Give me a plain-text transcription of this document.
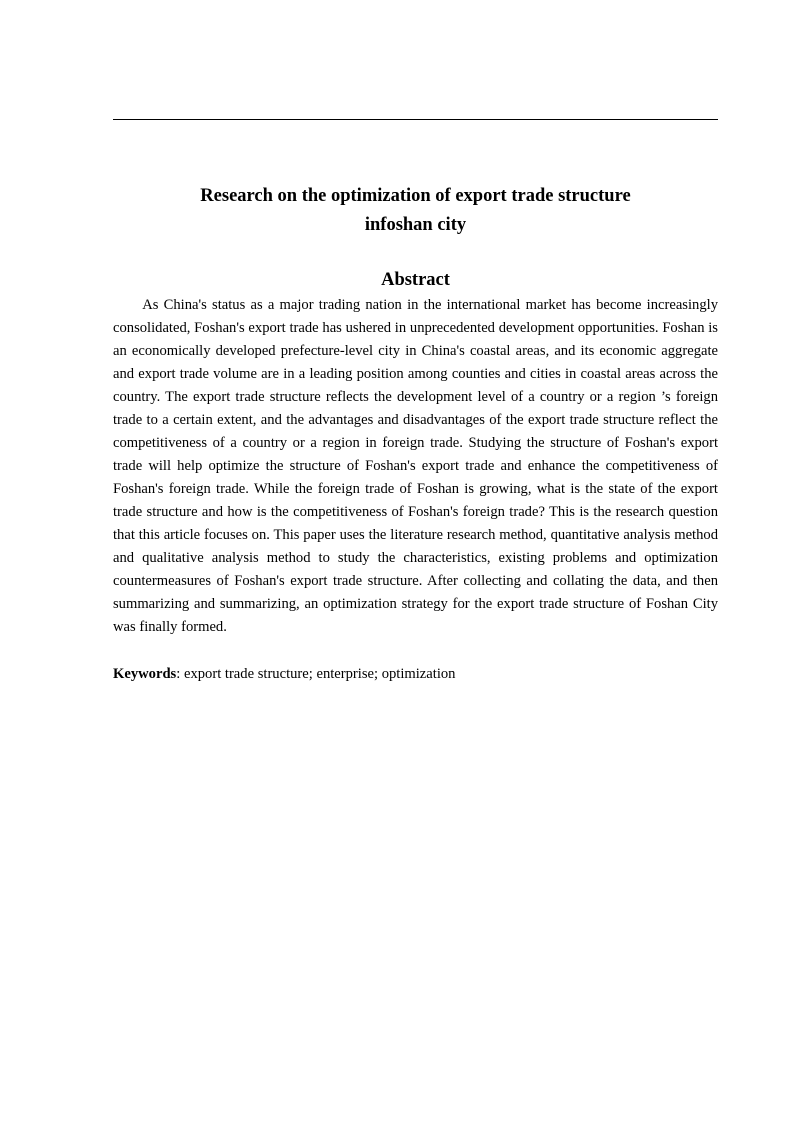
Research on the optimization of export trade structure
infoshan city
Abstract

As China's status as a major trading nation in the international market has become increasingly consolidated, Foshan's export trade has ushered in unprecedented development opportunities. Foshan is an economically developed prefecture-level city in China's coastal areas, and its economic aggregate and export trade volume are in a leading position among counties and cities in coastal areas across the country. The export trade structure reflects the development level of a country or a region ’s foreign trade to a certain extent, and the advantages and disadvantages of the export trade structure reflect the competitiveness of a country or a region in foreign trade. Studying the structure of Foshan's export trade will help optimize the structure of Foshan's export trade and enhance the competitiveness of Foshan's foreign trade. While the foreign trade of Foshan is growing, what is the state of the export trade structure and how is the competitiveness of Foshan's foreign trade? This is the research question that this article focuses on. This paper uses the literature research method, quantitative analysis method and qualitative analysis method to study the characteristics, existing problems and optimization countermeasures of Foshan's export trade structure. After collecting and collating the data, and then summarizing and summarizing, an optimization strategy for the export trade structure of Foshan City was finally formed.

Keywords: export trade structure; enterprise; optimization
